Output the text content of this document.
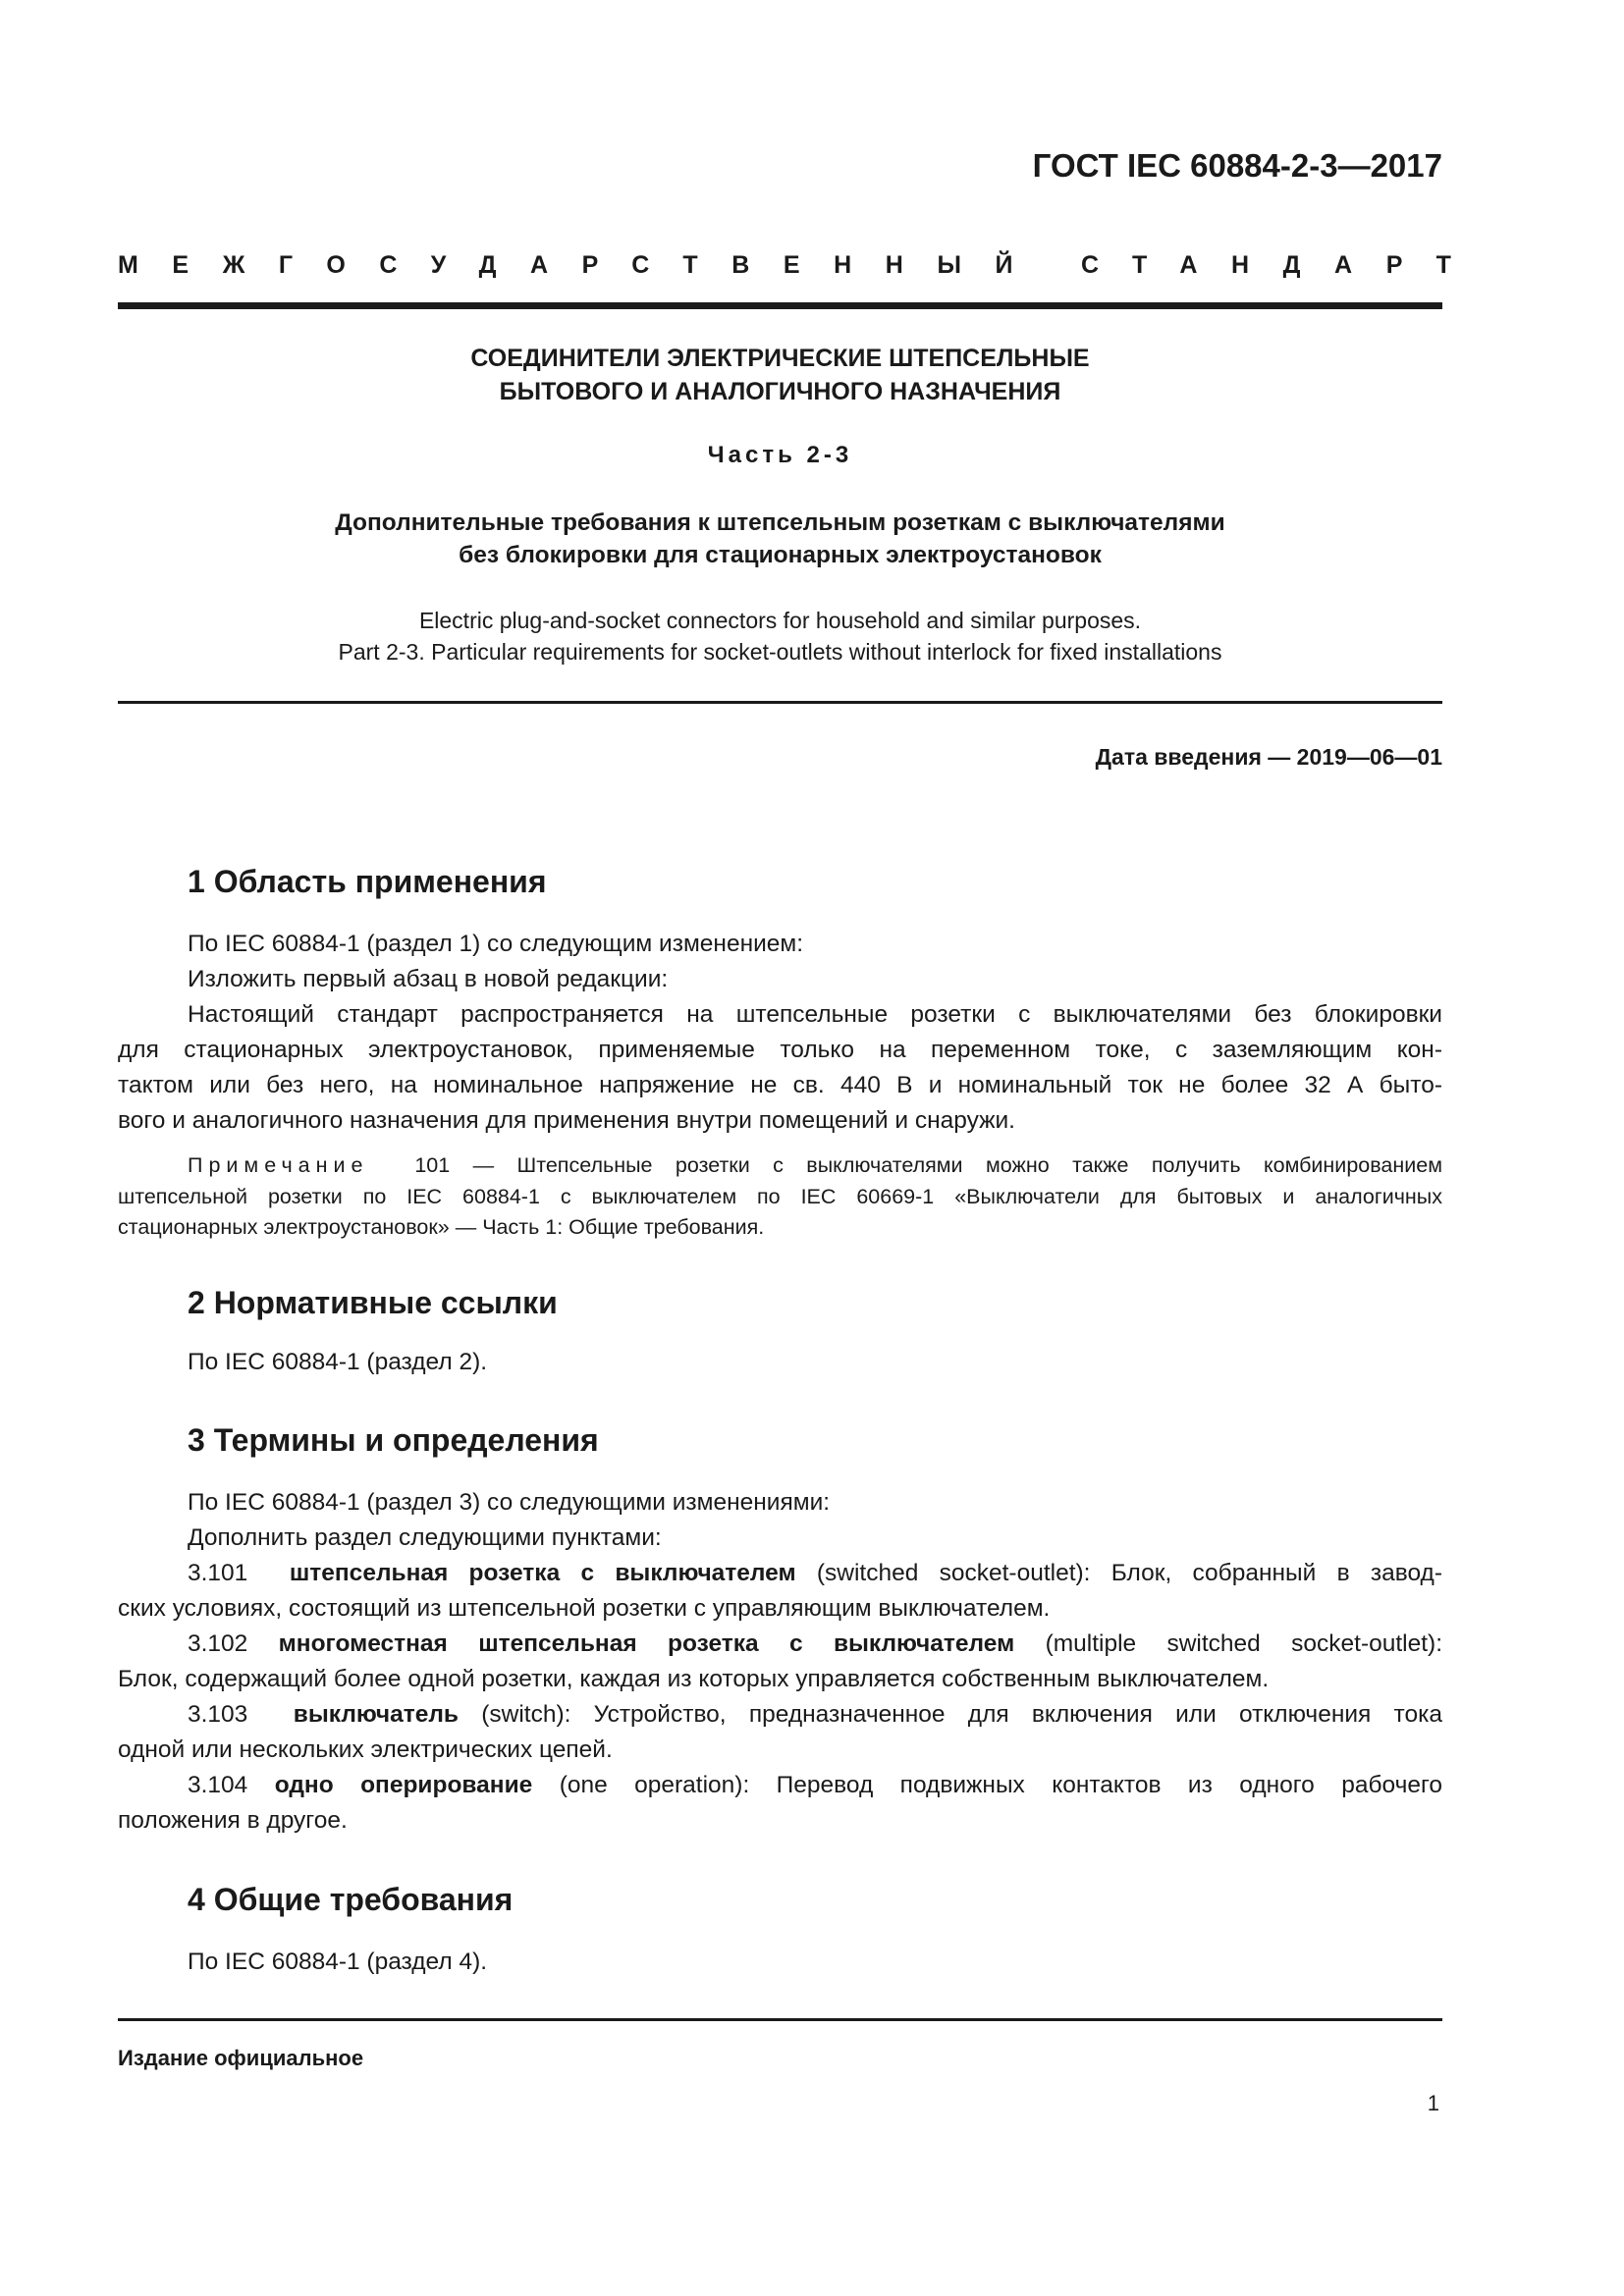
ГОСТ IEC 60884-2-3—2017
МЕЖГОСУДАРСТВЕННЫЙ СТАНДАРТ
СОЕДИНИТЕЛИ ЭЛЕКТРИЧЕСКИЕ ШТЕПСЕЛЬНЫЕ
БЫТОВОГО И АНАЛОГИЧНОГО НАЗНАЧЕНИЯ
Часть 2-3
Дополнительные требования к штепсельным розеткам с выключателями
без блокировки для стационарных электроустановок
Electric plug-and-socket connectors for household and similar purposes.
Part 2-3. Particular requirements for socket-outlets without interlock for fixed installations
Дата введения — 2019—06—01
1 Область применения
По IEC 60884-1 (раздел 1) со следующим изменением:
Изложить первый абзац в новой редакции:
Настоящий стандарт распространяется на штепсельные розетки с выключателями без блокировки
для стационарных электроустановок, применяемые только на переменном токе, с заземляющим кон-
тактом или без него, на номинальное напряжение не св. 440 В и номинальный ток не более 32 А быто-
вого и аналогичного назначения для применения внутри помещений и снаружи.
Примечание 101 — Штепсельные розетки с выключателями можно также получить комбинированием
штепсельной розетки по IEC 60884-1 с выключателем по IEC 60669-1 «Выключатели для бытовых и аналогичных
стационарных электроустановок» — Часть 1: Общие требования.
2 Нормативные ссылки
По IEC 60884-1 (раздел 2).
3 Термины и определения
По IEC 60884-1 (раздел 3) со следующими изменениями:
Дополнить раздел следующими пунктами:
3.101 штепсельная розетка с выключателем (switched socket-outlet): Блок, собранный в завод-
ских условиях, состоящий из штепсельной розетки с управляющим выключателем.
3.102 многоместная штепсельная розетка с выключателем (multiple switched socket-outlet):
Блок, содержащий более одной розетки, каждая из которых управляется собственным выключателем.
3.103 выключатель (switch): Устройство, предназначенное для включения или отключения тока
одной или нескольких электрических цепей.
3.104 одно оперирование (one operation): Перевод подвижных контактов из одного рабочего
положения в другое.
4 Общие требования
По IEC 60884-1 (раздел 4).
Издание официальное
1
